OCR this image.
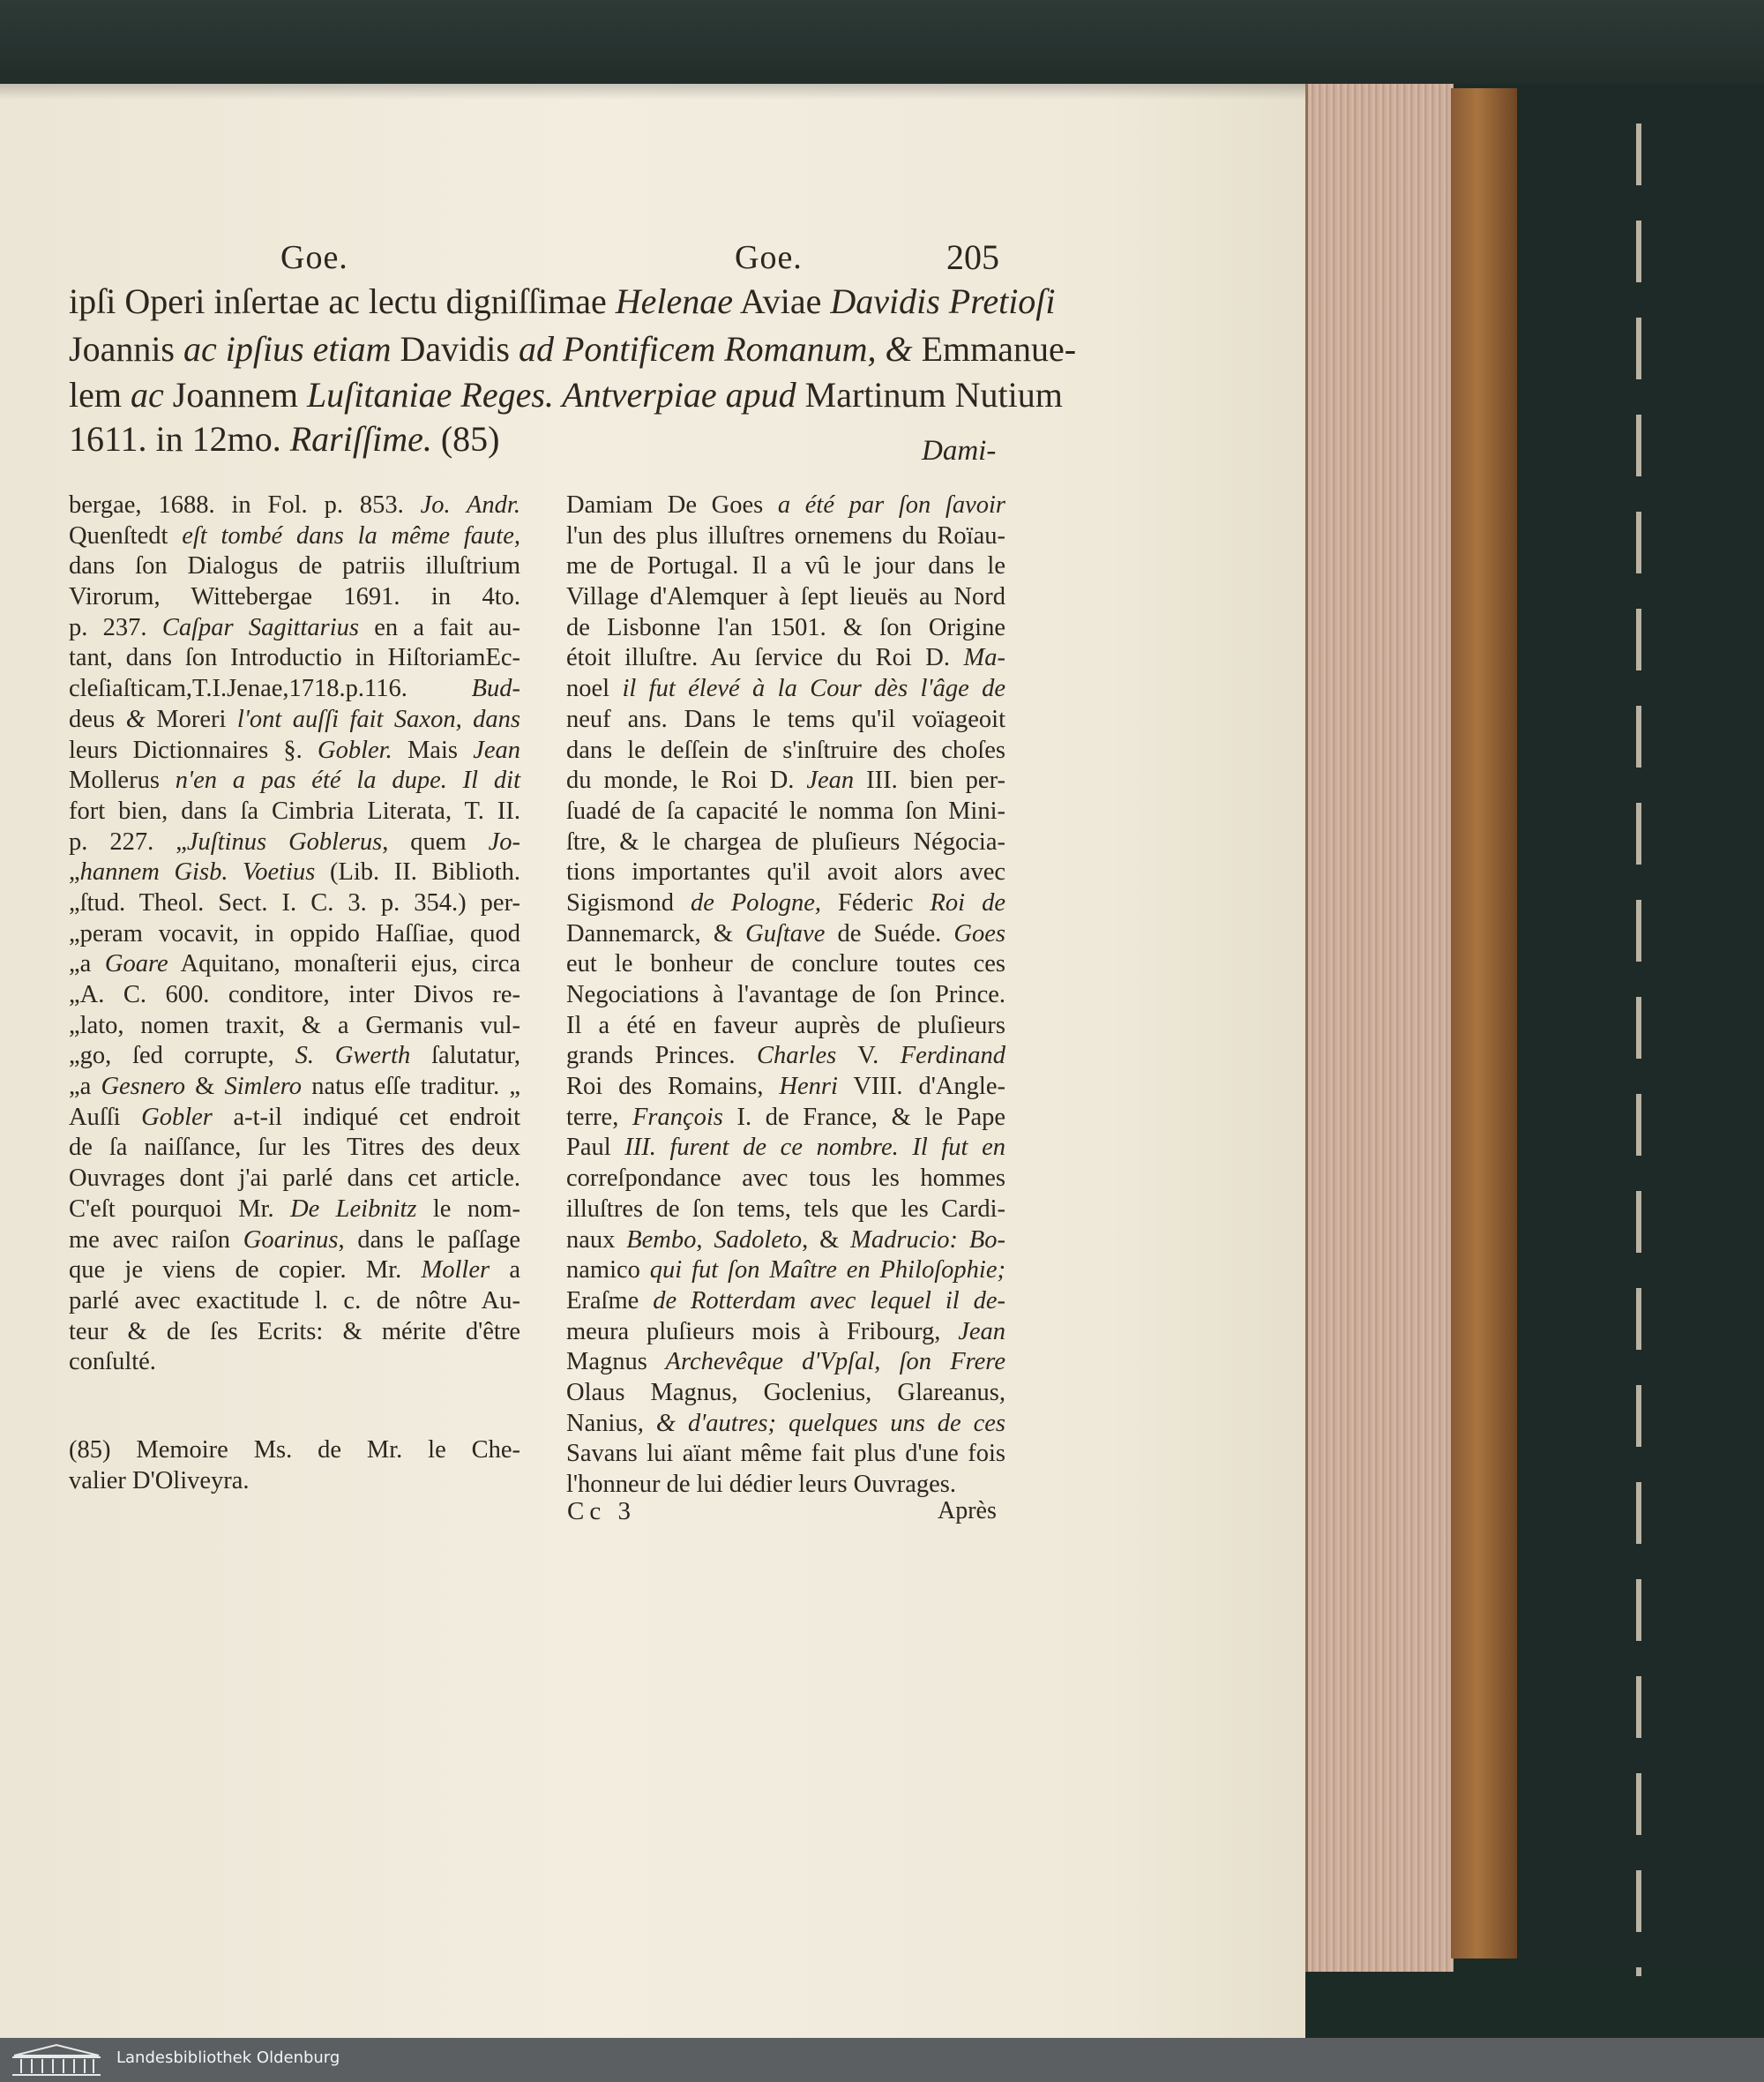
Goe.	Goe.	205
ipſi Operi inſertae ac lectu digniſſimae Helenae Aviae Davidis Pretioſi
Joannis ac ipſius etiam Davidis ad Pontificem Romanum, & Emmanue-
lem ac Joannem Luſitaniae Reges. Antverpiae apud Martinum Nutium
1611. in 12mo. Rariſſime. (85)	Dami-
bergae, 1688. in Fol. p. 853. Jo. Andr.
Quenſtedt eſt tombé dans la même faute,
dans ſon Dialogus de patriis illuſtrium
Virorum, Wittebergae 1691. in 4to.
p. 237. Caſpar Sagittarius en a fait au-
tant, dans ſon Introductio in HiſtoriamEc-
cleſiaſticam,T.I.Jenae,1718.p.116. Bud-
deus & Moreri l'ont auſſi fait Saxon, dans
leurs Dictionnaires §. Gobler. Mais Jean
Mollerus n'en a pas été la dupe. Il dit
fort bien, dans ſa Cimbria Literata, T. II.
p. 227. „Juſtinus Goblerus, quem Jo-
„hannem Gisb. Voetius (Lib. II. Biblioth.
„ſtud. Theol. Sect. I. C. 3. p. 354.) per-
„peram vocavit, in oppido Haſſiae, quod
„a Goare Aquitano, monaſterii ejus, circa
„A. C. 600. conditore, inter Divos re-
„lato, nomen traxit, & a Germanis vul-
„go, ſed corrupte, S. Gwerth ſalutatur,
„a Gesnero & Simlero natus eſſe traditur. „
Auſſi Gobler a-t-il indiqué cet endroit
de ſa naiſſance, ſur les Titres des deux
Ouvrages dont j'ai parlé dans cet article.
C'eſt pourquoi Mr. De Leibnitz le nom-
me avec raiſon Goarinus, dans le paſſage
que je viens de copier. Mr. Moller a
parlé avec exactitude l. c. de nôtre Au-
teur & de ſes Ecrits: & mérite d'être
conſulté.
Damiam De Goes a été par ſon ſavoir
l'un des plus illuſtres ornemens du Roïau-
me de Portugal. Il a vû le jour dans le
Village d'Alemquer à ſept lieuës au Nord
de Lisbonne l'an 1501. & ſon Origine
étoit illuſtre. Au ſervice du Roi D. Ma-
noel il fut élevé à la Cour dès l'âge de
neuf ans. Dans le tems qu'il voïageoit
dans le deſſein de s'inſtruire des choſes
du monde, le Roi D. Jean III. bien per-
ſuadé de ſa capacité le nomma ſon Mini-
ſtre, & le chargea de pluſieurs Négocia-
tions importantes qu'il avoit alors avec
Sigismond de Pologne, Féderic Roi de
Dannemarck, & Guſtave de Suéde. Goes
eut le bonheur de conclure toutes ces
Negociations à l'avantage de ſon Prince.
Il a été en faveur auprès de pluſieurs
grands Princes. Charles V. Ferdinand
Roi des Romains, Henri VIII. d'Angle-
terre, François I. de France, & le Pape
Paul III. furent de ce nombre. Il fut en
correſpondance avec tous les hommes
illuſtres de ſon tems, tels que les Cardi-
naux Bembo, Sadoleto, & Madrucio: Bo-
namico qui fut ſon Maître en Philoſophie;
Eraſme de Rotterdam avec lequel il de-
meura pluſieurs mois à Fribourg, Jean
Magnus Archevêque d'Vpſal, ſon Frere
Olaus Magnus, Goclenius, Glareanus,
Nanius, & d'autres; quelques uns de ces
Savans lui aïant même fait plus d'une fois
l'honneur de lui dédier leurs Ouvrages.
(85) Memoire Ms. de Mr. le Che-
valier D'Oliveyra.
Cc 3	Après
Landesbibliothek Oldenburg
